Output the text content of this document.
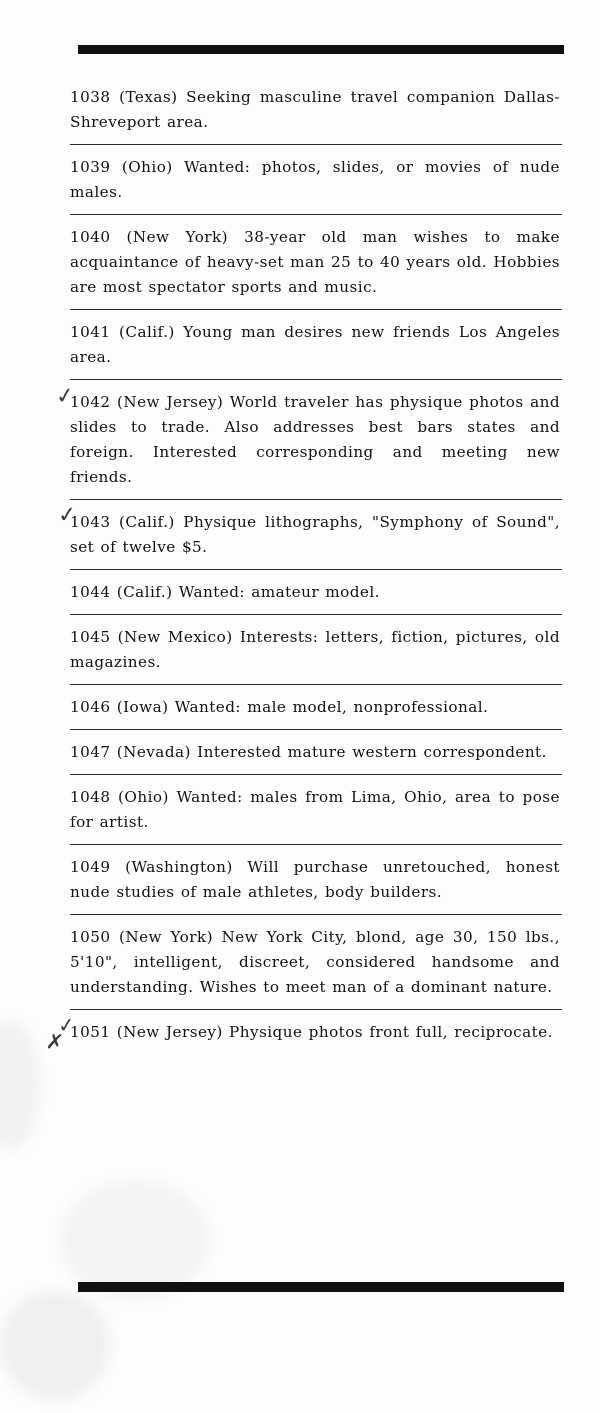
1038 (Texas) Seeking masculine travel companion Dallas-Shreveport area.
1039 (Ohio) Wanted: photos, slides, or movies of nude males.
1040 (New York) 38-year old man wishes to make acquaintance of heavy-set man 25 to 40 years old. Hobbies are most spectator sports and music.
1041 (Calif.) Young man desires new friends Los Angeles area.
✓
1042 (New Jersey) World traveler has physique photos and slides to trade. Also addresses best bars states and foreign. Interested corresponding and meeting new friends.
✓
1043 (Calif.) Physique lithographs, "Symphony of Sound", set of twelve $5.
1044 (Calif.) Wanted: amateur model.
1045 (New Mexico) Interests: letters, fiction, pictures, old magazines.
1046 (Iowa) Wanted: male model, nonprofessional.
1047 (Nevada) Interested mature western correspondent.
1048 (Ohio) Wanted: males from Lima, Ohio, area to pose for artist.
1049 (Washington) Will purchase unretouched, honest nude studies of male athletes, body builders.
1050 (New York) New York City, blond, age 30, 150 lbs., 5'10", intelligent, discreet, considered handsome and understanding. Wishes to meet man of a dominant nature.
✓
✗ 1051 (New Jersey) Physique photos front full, reciprocate.
